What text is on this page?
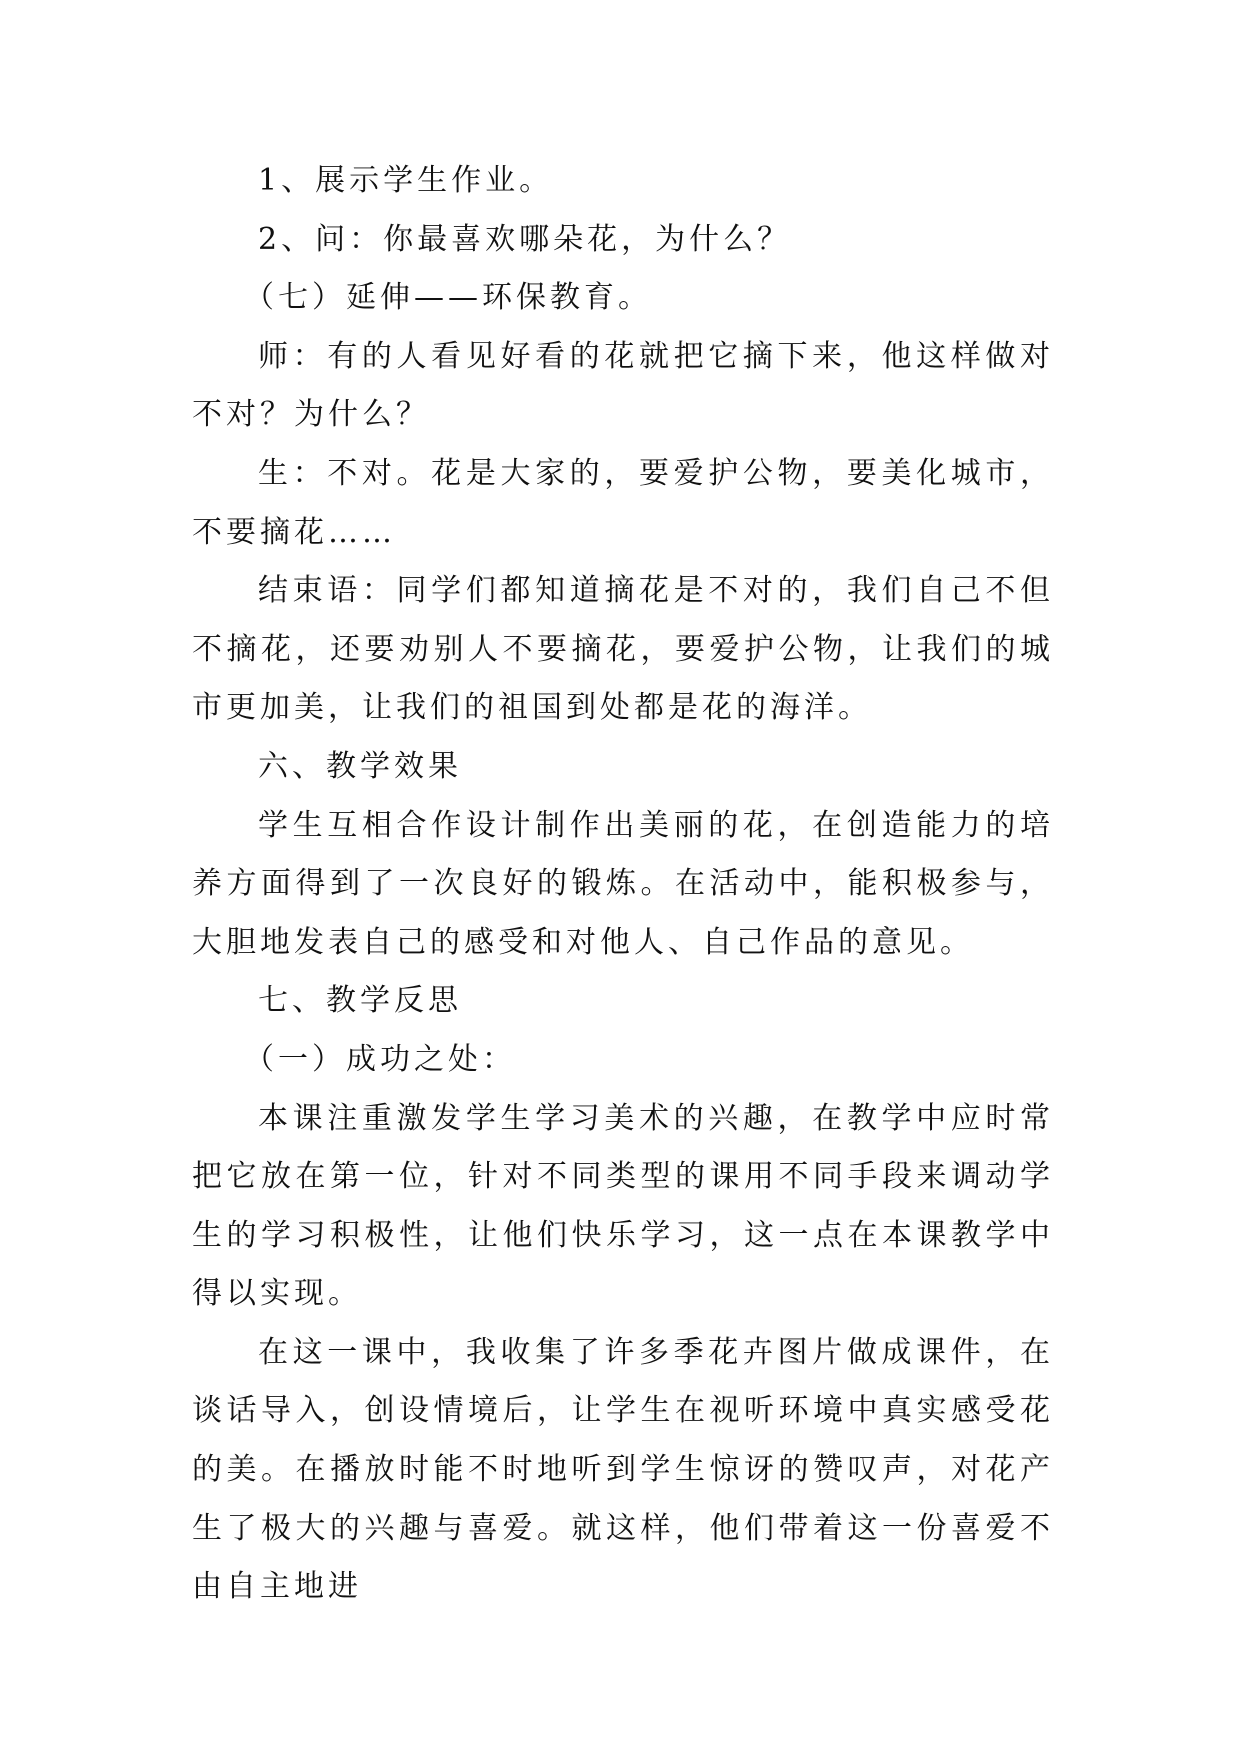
1、展示学生作业。

2、问：你最喜欢哪朵花，为什么？

（七）延伸——环保教育。

师：有的人看见好看的花就把它摘下来，他这样做对不对？为什么？

生：不对。花是大家的，要爱护公物，要美化城市，不要摘花……

结束语：同学们都知道摘花是不对的，我们自己不但不摘花，还要劝别人不要摘花，要爱护公物，让我们的城市更加美，让我们的祖国到处都是花的海洋。

六、教学效果

学生互相合作设计制作出美丽的花，在创造能力的培养方面得到了一次良好的锻炼。在活动中，能积极参与，大胆地发表自己的感受和对他人、自己作品的意见。

七、教学反思

（一）成功之处：

本课注重激发学生学习美术的兴趣，在教学中应时常把它放在第一位，针对不同类型的课用不同手段来调动学生的学习积极性，让他们快乐学习，这一点在本课教学中得以实现。

在这一课中，我收集了许多季花卉图片做成课件，在谈话导入，创设情境后，让学生在视听环境中真实感受花的美。在播放时能不时地听到学生惊讶的赞叹声，对花产生了极大的兴趣与喜爱。就这样，他们带着这一份喜爱不由自主地进
